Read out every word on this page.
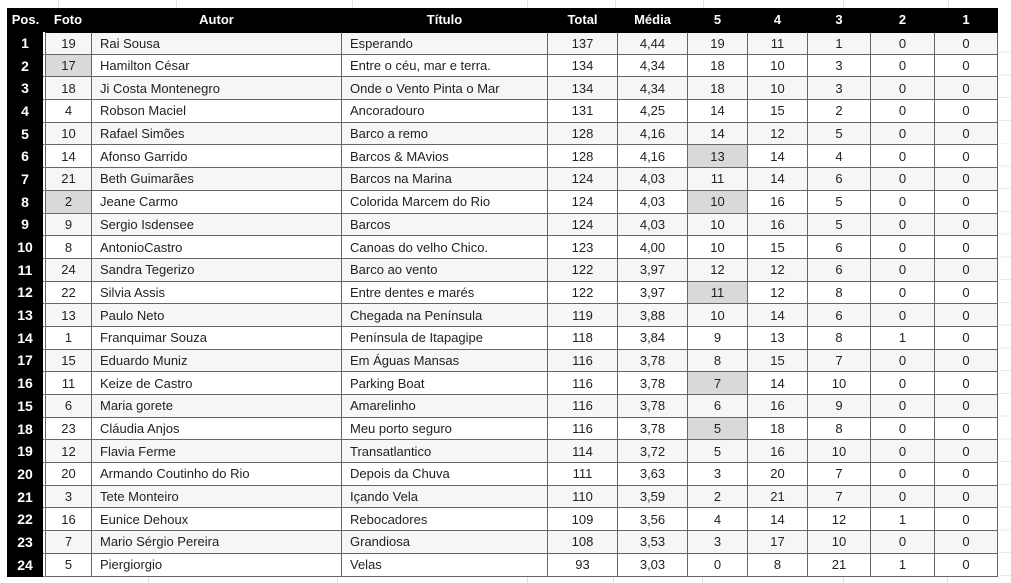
Pos.	Foto	Autor	Título	Total	Média	5	4	3	2	1
1	19	Rai Sousa	Esperando	137	4,44	19	11	1	0	0
2	17	Hamilton César	Entre o céu, mar e terra.	134	4,34	18	10	3	0	0
3	18	Ji Costa Montenegro	Onde o Vento Pinta o Mar	134	4,34	18	10	3	0	0
4	4	Robson Maciel	Ancoradouro	131	4,25	14	15	2	0	0
5	10	Rafael Simões	Barco a remo	128	4,16	14	12	5	0	0
6	14	Afonso Garrido	Barcos & MAvios	128	4,16	13	14	4	0	0
7	21	Beth Guimarães	Barcos na Marina	124	4,03	11	14	6	0	0
8	2	Jeane Carmo	Colorida Marcem do Rio	124	4,03	10	16	5	0	0
9	9	Sergio Isdensee	Barcos	124	4,03	10	16	5	0	0
10	8	AntonioCastro	Canoas do velho Chico.	123	4,00	10	15	6	0	0
11	24	Sandra Tegerizo	Barco ao vento	122	3,97	12	12	6	0	0
12	22	Silvia Assis	Entre dentes e marés	122	3,97	11	12	8	0	0
13	13	Paulo Neto	Chegada na Península	119	3,88	10	14	6	0	0
14	1	Franquimar Souza	Península de Itapagipe	118	3,84	9	13	8	1	0
17	15	Eduardo Muniz	Em Águas Mansas	116	3,78	8	15	7	0	0
16	11	Keize de Castro	Parking Boat	116	3,78	7	14	10	0	0
15	6	Maria gorete	Amarelinho	116	3,78	6	16	9	0	0
18	23	Cláudia Anjos	Meu porto seguro	116	3,78	5	18	8	0	0
19	12	Flavia Ferme	Transatlantico	114	3,72	5	16	10	0	0
20	20	Armando Coutinho do Rio	Depois da Chuva	111	3,63	3	20	7	0	0
21	3	Tete Monteiro	Içando Vela	110	3,59	2	21	7	0	0
22	16	Eunice Dehoux	Rebocadores	109	3,56	4	14	12	1	0
23	7	Mario Sérgio Pereira	Grandiosa	108	3,53	3	17	10	0	0
24	5	Piergiorgio	Velas	93	3,03	0	8	21	1	0
